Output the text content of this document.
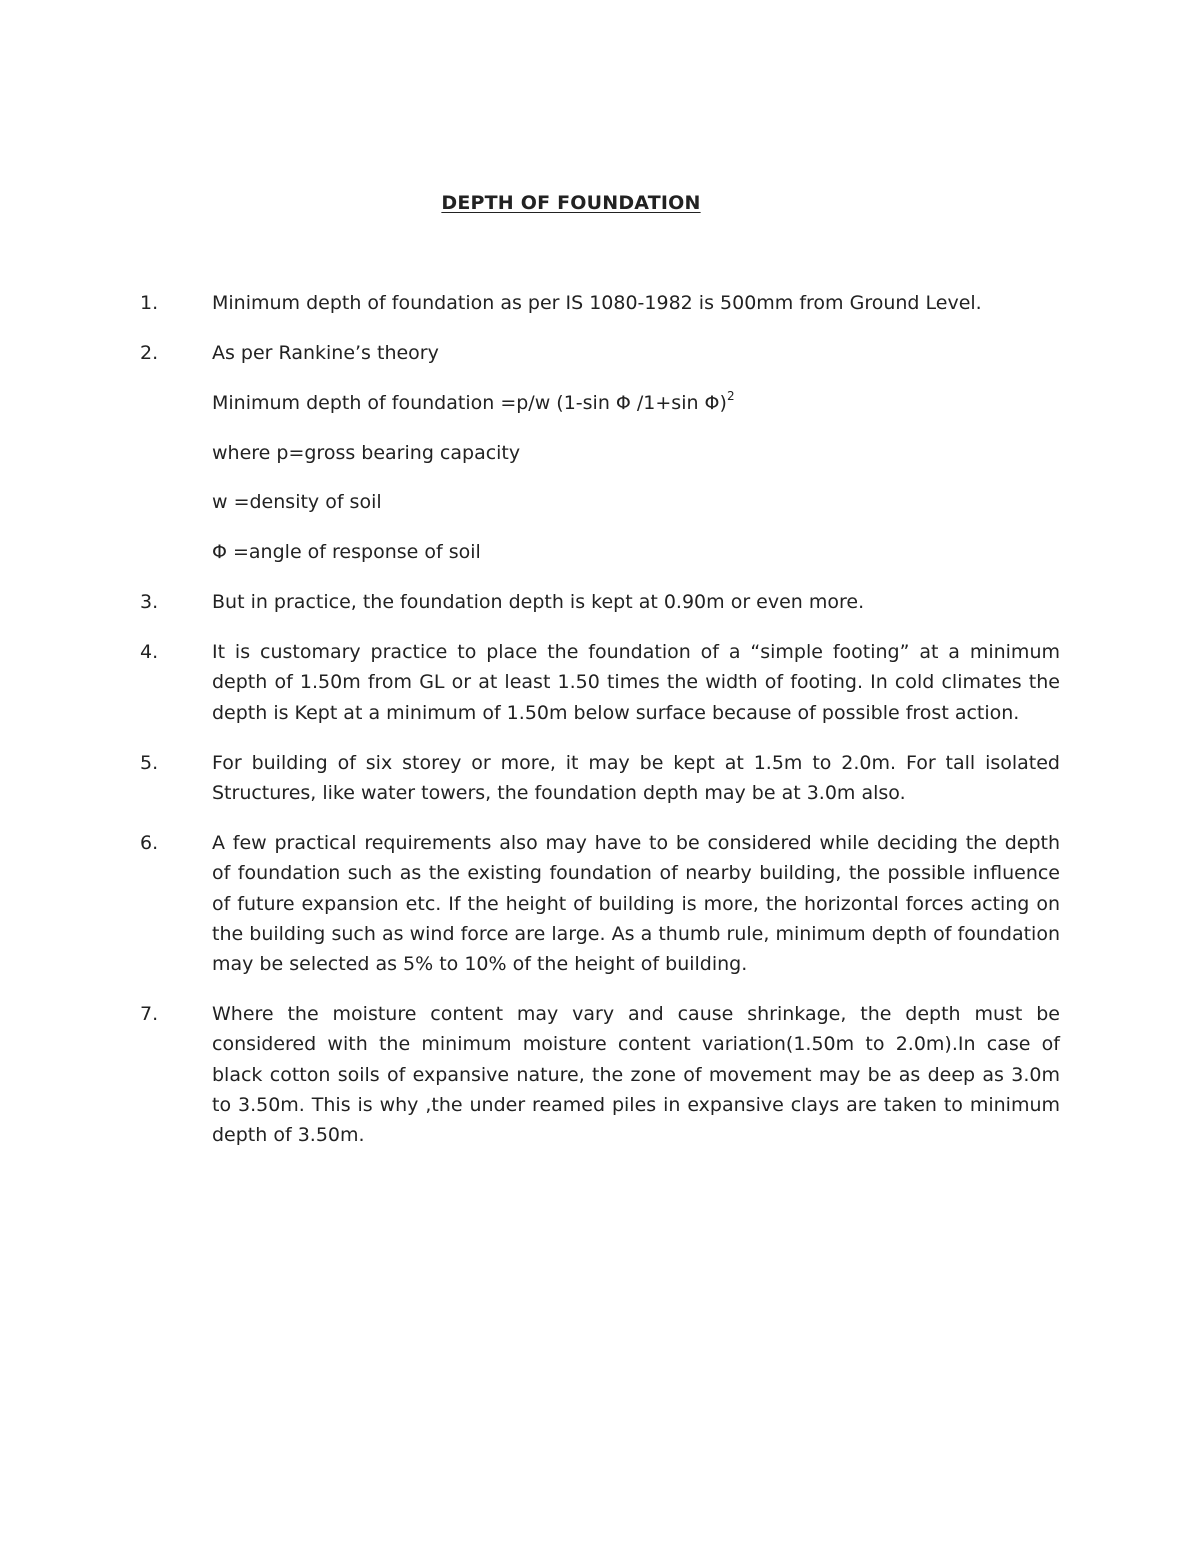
DEPTH OF FOUNDATION
1.	Minimum depth of foundation as per IS 1080-1982 is 500mm from Ground Level.
2.	As per Rankine’s theory
Minimum depth of foundation =p/w (1-sin Φ /1+sin Φ)$^2$
where p=gross bearing capacity
w =density of soil
Φ =angle of response of soil
3.	But in practice, the foundation depth is kept at 0.90m or even more.
4.	It is customary practice to place the foundation of a “simple footing” at a minimum depth of 1.50m from GL or at least 1.50 times the width of footing. In cold climates the depth is Kept at a minimum of 1.50m below surface because of possible frost action.
5.	For building of six storey or more, it may be kept at 1.5m to 2.0m. For tall isolated Structures, like water towers, the foundation depth may be at 3.0m also.
6.	A few practical requirements also may have to be considered while deciding the depth of foundation such as the existing foundation of nearby building, the possible influence of future expansion etc. If the height of building is more, the horizontal forces acting on the building such as wind force are large. As a thumb rule, minimum depth of foundation may be selected as 5% to 10% of the height of building.
7.	Where the moisture content may vary and cause shrinkage, the depth must be considered with the minimum moisture content variation(1.50m to 2.0m).In case of black cotton soils of expansive nature, the zone of movement may be as deep as 3.0m to 3.50m. This is why ,the under reamed piles in expansive clays are taken to minimum depth of 3.50m.
